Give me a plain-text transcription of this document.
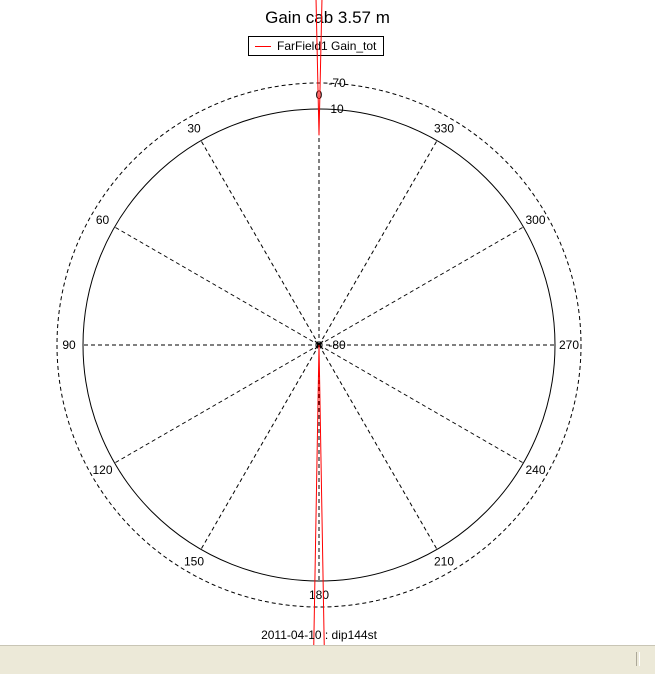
Gain cab 3.57 m
FarField1 Gain_tot
0
30
60
90
120
150
180
210
240
270
300
330
10
-70
-80
2011-04-10 : dip144st
